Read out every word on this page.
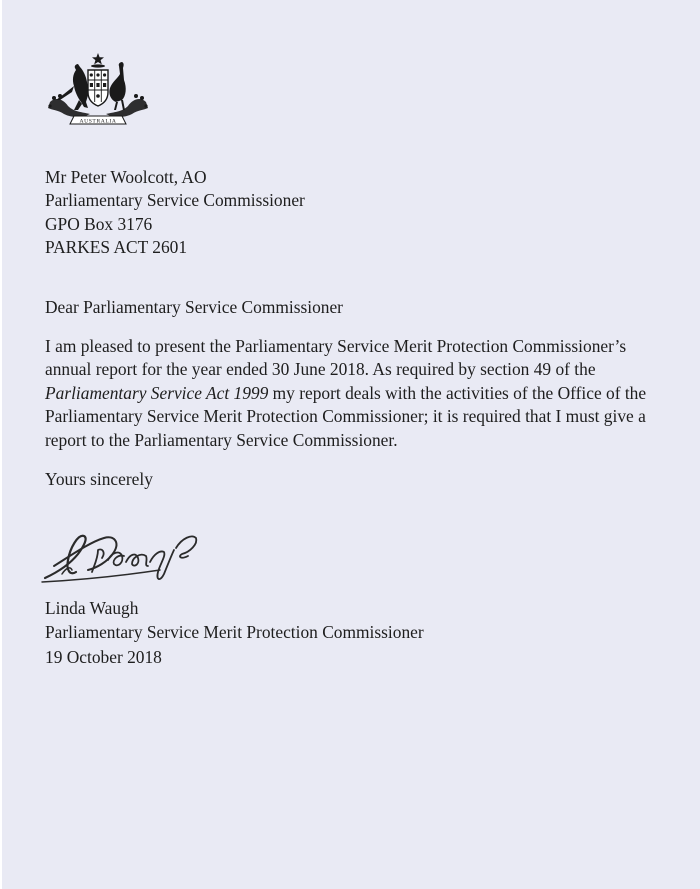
AUSTRALIA
Mr Peter Woolcott, AO
Parliamentary Service Commissioner
GPO Box 3176
PARKES ACT 2601
Dear Parliamentary Service Commissioner
I am pleased to present the Parliamentary Service Merit Protection Commissioner’s annual report for the year ended 30 June 2018. As required by section 49 of the Parliamentary Service Act 1999 my report deals with the activities of the Office of the Parliamentary Service Merit Protection Commissioner; it is required that I must give a report to the Parliamentary Service Commissioner.
Yours sincerely
Linda Waugh
Parliamentary Service Merit Protection Commissioner
19 October 2018
